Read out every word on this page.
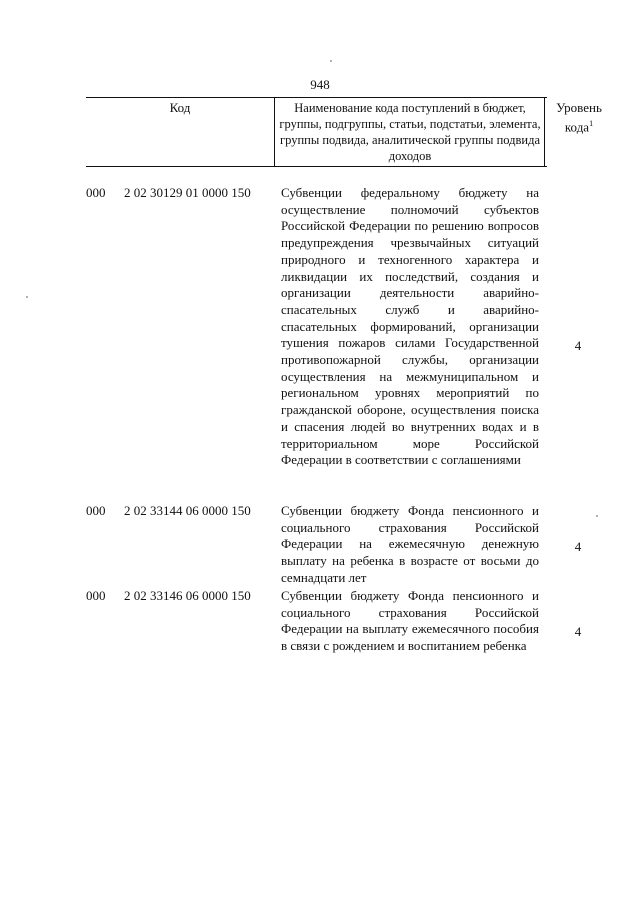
948
Код	Наименование кода поступлений в бюджет, группы, подгруппы, статьи, подстатьи, элемента, группы подвида, аналитической группы подвида доходов
Уровень кода$^1$
000 2 02 30129 01 0000 150 Субвенции федеральному бюджету на осуществление полномочий субъектов Российской Федерации по решению вопросов предупреждения чрезвычайных ситуаций природного и техногенного характера и ликвидации их последствий, создания и организации деятельности аварийно-спасательных служб и аварийно-спасательных формирований, организации тушения пожаров силами Государственной противопожарной службы, организации осуществления на межмуниципальном и региональном уровнях мероприятий по гражданской обороне, осуществления поиска и спасения людей во внутренних водах и в территориальном море Российской Федерации в соответствии с соглашениями
4
000 2 02 33144 06 0000 150 Субвенции бюджету Фонда пенсионного и социального страхования Российской Федерации на ежемесячную денежную выплату на ребенка в возрасте от восьми до семнадцати лет
4
000 2 02 33146 06 0000 150 Субвенции бюджету Фонда пенсионного и социального страхования Российской Федерации на выплату ежемесячного пособия в связи с рождением и воспитанием ребенка
4
